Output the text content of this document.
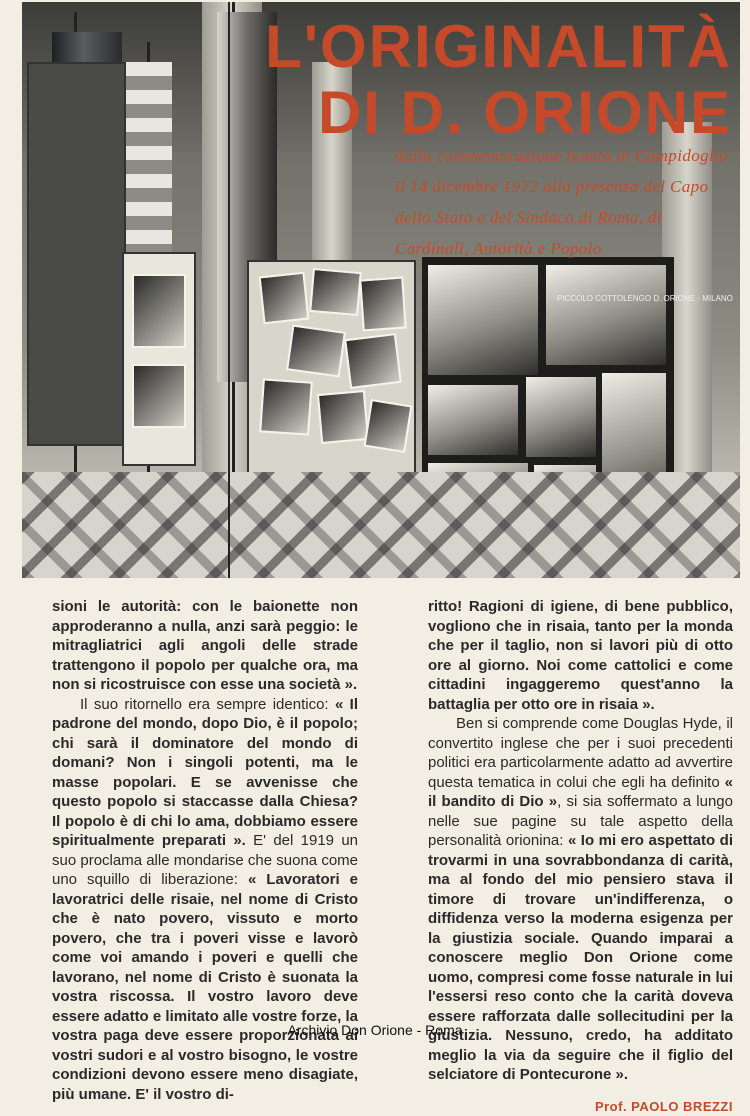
PICCOLO COTTOLENGO D. ORIONE - MILANO
L'ORIGINALITÀ
DI D. ORIONE
dalla commemorazione tenuta in Campidoglio il 14 dicembre 1972 alla presenza del Capo dello Stato e del Sindaco di Roma, di Cardinali, Autorità e Popolo

sioni le autorità: con le baionette non approderanno a nulla, anzi sarà peggio: le mitragliatrici agli angoli delle strade trattengono il popolo per qualche ora, ma non si ricostruisce con esse una società ».

Il suo ritornello era sempre identico: « Il padrone del mondo, dopo Dio, è il popolo; chi sarà il dominatore del mondo di domani? Non i singoli potenti, ma le masse popolari. E se avvenisse che questo popolo si staccasse dalla Chiesa? Il popolo è di chi lo ama, dobbiamo essere spiritualmente preparati ». E' del 1919 un suo proclama alle mondarise che suona come uno squillo di liberazione: « Lavoratori e lavoratrici delle risaie, nel nome di Cristo che è nato povero, vissuto e morto povero, che tra i poveri visse e lavorò come voi amando i poveri e quelli che lavorano, nel nome di Cristo è suonata la vostra riscossa. Il vostro lavoro deve essere adatto e limitato alle vostre forze, la vostra paga deve essere proporzionata ai vostri sudori e al vostro bisogno, le vostre condizioni devono essere meno disagiate, più umane. E' il vostro di-

ritto! Ragioni di igiene, di bene pubblico, vogliono che in risaia, tanto per la monda che per il taglio, non si lavori più di otto ore al giorno. Noi come cattolici e come cittadini ingaggeremo quest'anno la battaglia per otto ore in risaia ».

Ben si comprende come Douglas Hyde, il convertito inglese che per i suoi precedenti politici era particolarmente adatto ad avvertire questa tematica in colui che egli ha definito « il bandito di Dio », si sia soffermato a lungo nelle sue pagine su tale aspetto della personalità orionina: « Io mi ero aspettato di trovarmi in una sovrabbondanza di carità, ma al fondo del mio pensiero stava il timore di trovare un'indifferenza, o diffidenza verso la moderna esigenza per la giustizia sociale. Quando imparai a conoscere meglio Don Orione come uomo, compresi come fosse naturale in lui l'essersi reso conto che la carità doveva essere rafforzata dalle sollecitudini per la giustizia. Nessuno, credo, ha additato meglio la via da seguire che il figlio del selciatore di Pontecurone ».

Prof. PAOLO BREZZI
Archivio Don Orione - Roma
